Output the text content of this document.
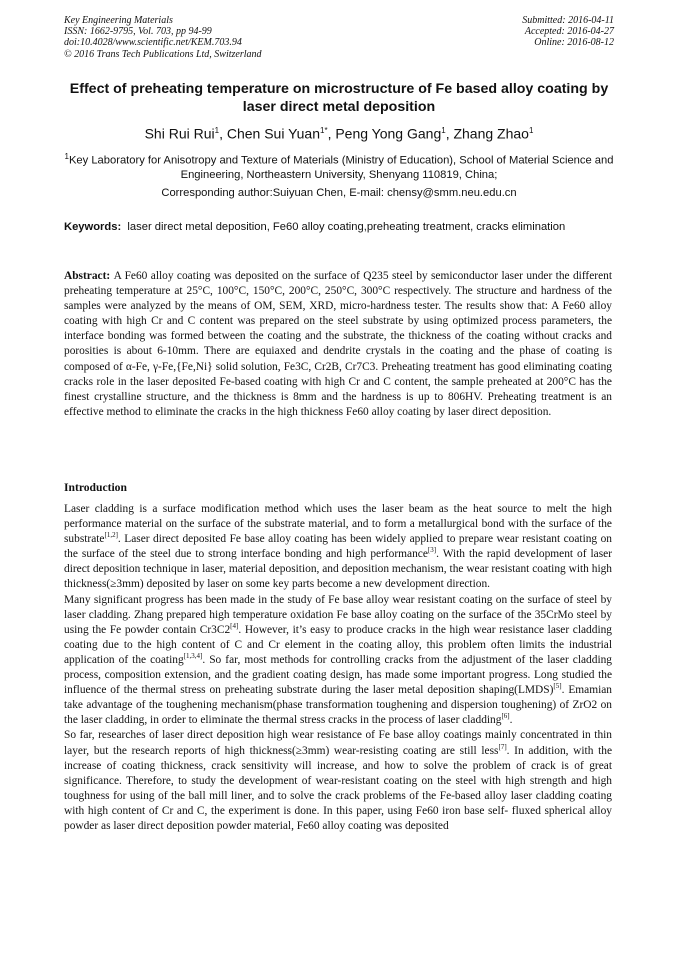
Key Engineering Materials
ISSN: 1662-9795, Vol. 703, pp 94-99
doi:10.4028/www.scientific.net/KEM.703.94
© 2016 Trans Tech Publications Ltd, Switzerland
Submitted: 2016-04-11
Accepted: 2016-04-27
Online: 2016-08-12
Effect of preheating temperature on microstructure of Fe based alloy coating by laser direct metal deposition
Shi Rui Rui$^1$, Chen Sui Yuan$^{1*}$, Peng Yong Gang$^1$, Zhang Zhao$^1$
$^1$Key Laboratory for Anisotropy and Texture of Materials (Ministry of Education), School of Material Science and Engineering, Northeastern University, Shenyang 110819, China;
Corresponding author:Suiyuan Chen, E-mail: chensy@smm.neu.edu.cn
Keywords: laser direct metal deposition, Fe60 alloy coating,preheating treatment, cracks elimination
Abstract: A Fe60 alloy coating was deposited on the surface of Q235 steel by semiconductor laser under the different preheating temperature at 25°C, 100°C, 150°C, 200°C, 250°C, 300°C respectively. The structure and hardness of the samples were analyzed by the means of OM, SEM, XRD, micro-hardness tester. The results show that: A Fe60 alloy coating with high Cr and C content was prepared on the steel substrate by using optimized process parameters, the interface bonding was formed between the coating and the substrate, the thickness of the coating without cracks and porosities is about 6-10mm. There are equiaxed and dendrite crystals in the coating and the phase of coating is composed of α-Fe, γ-Fe,{Fe,Ni} solid solution, Fe3C, Cr2B, Cr7C3. Preheating treatment has good eliminating coating cracks role in the laser deposited Fe-based coating with high Cr and C content, the sample preheated at 200°C has the finest crystalline structure, and the thickness is 8mm and the hardness is up to 806HV. Preheating treatment is an effective method to eliminate the cracks in the high thickness Fe60 alloy coating by laser direct deposition.
Introduction

Laser cladding is a surface modification method which uses the laser beam as the heat source to melt the high performance material on the surface of the substrate material, and to form a metallurgical bond with the surface of the substrate[1,2]. Laser direct deposited Fe base alloy coating has been widely applied to prepare wear resistant coating on the surface of the steel due to strong interface bonding and high performance[3]. With the rapid development of laser direct deposition technique in laser, material deposition, and deposition mechanism, the wear resistant coating with high thickness(≥3mm) deposited by laser on some key parts become a new development direction.

Many significant progress has been made in the study of Fe base alloy wear resistant coating on the surface of steel by laser cladding. Zhang prepared high temperature oxidation Fe base alloy coating on the surface of the 35CrMo steel by using the Fe powder contain Cr3C2[4]. However, it’s easy to produce cracks in the high wear resistance laser cladding coating due to the high content of C and Cr element in the coating alloy, this problem often limits the industrial application of the coating[1,3,4]. So far, most methods for controlling cracks from the adjustment of the laser cladding process, composition extension, and the gradient coating design, has made some important progress. Long studied the influence of the thermal stress on preheating substrate during the laser metal deposition shaping(LMDS)[5]. Emamian take advantage of the toughening mechanism(phase transformation toughening and dispersion toughening) of ZrO2 on the laser cladding, in order to eliminate the thermal stress cracks in the process of laser cladding[6].

So far, researches of laser direct deposition high wear resistance of Fe base alloy coatings mainly concentrated in thin layer, but the research reports of high thickness(≥3mm) wear-resisting coating are still less[7]. In addition, with the increase of coating thickness, crack sensitivity will increase, and how to solve the problem of crack is of great significance. Therefore, to study the development of wear-resistant coating on the steel with high strength and high toughness for using of the ball mill liner, and to solve the crack problems of the Fe-based alloy laser cladding coating with high content of Cr and C, the experiment is done. In this paper, using Fe60 iron base self- fluxed spherical alloy powder as laser direct deposition powder material, Fe60 alloy coating was deposited
